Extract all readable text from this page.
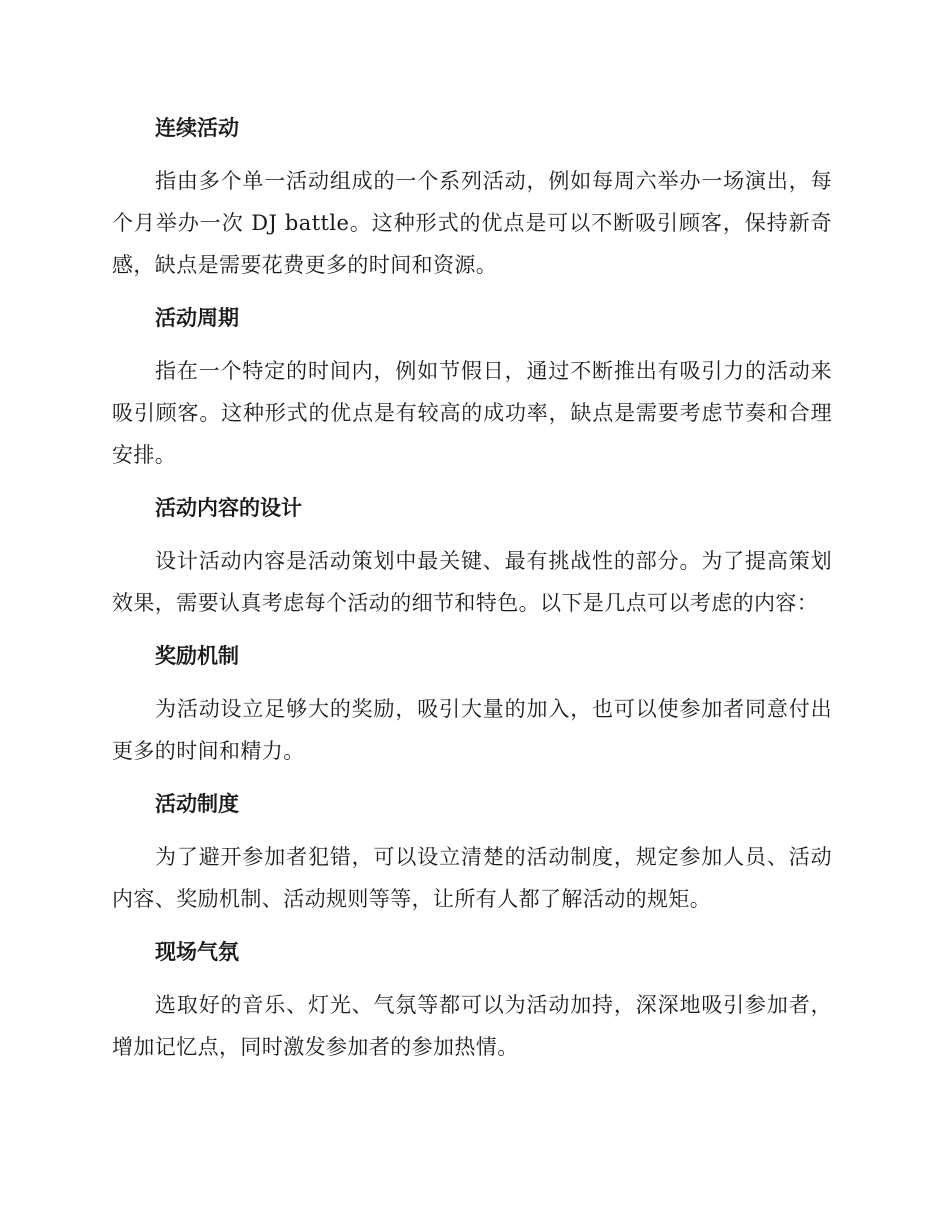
连续活动

指由多个单一活动组成的一个系列活动，例如每周六举办一场演出，每个月举办一次 DJ battle。这种形式的优点是可以不断吸引顾客，保持新奇感，缺点是需要花费更多的时间和资源。

活动周期

指在一个特定的时间内，例如节假日，通过不断推出有吸引力的活动来吸引顾客。这种形式的优点是有较高的成功率，缺点是需要考虑节奏和合理安排。

活动内容的设计

设计活动内容是活动策划中最关键、最有挑战性的部分。为了提高策划效果，需要认真考虑每个活动的细节和特色。以下是几点可以考虑的内容：

奖励机制

为活动设立足够大的奖励，吸引大量的加入，也可以使参加者同意付出更多的时间和精力。

活动制度

为了避开参加者犯错，可以设立清楚的活动制度，规定参加人员、活动内容、奖励机制、活动规则等等，让所有人都了解活动的规矩。

现场气氛

选取好的音乐、灯光、气氛等都可以为活动加持，深深地吸引参加者，增加记忆点，同时激发参加者的参加热情。
